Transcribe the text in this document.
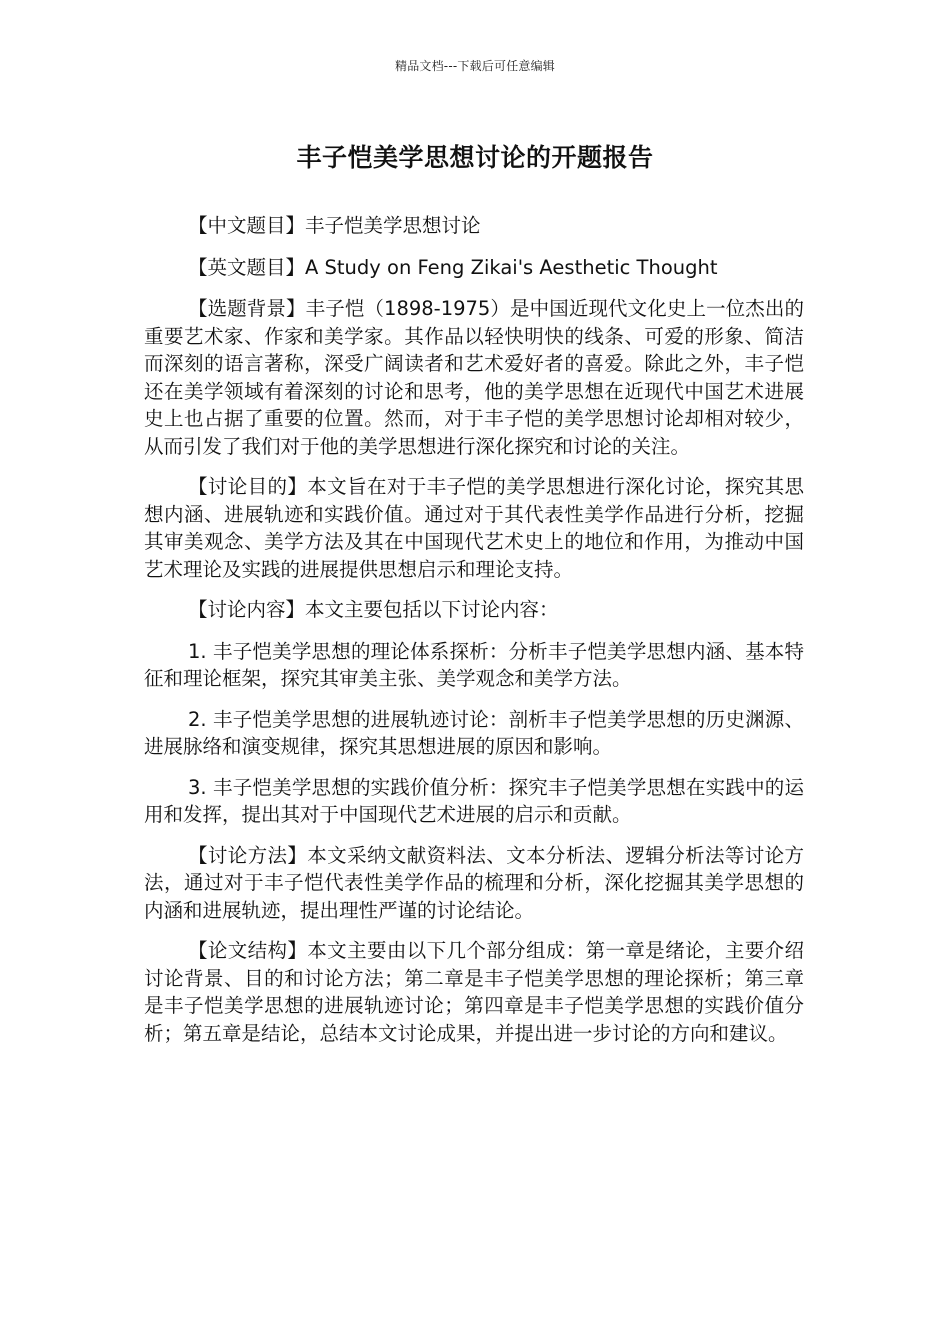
精品文档---下载后可任意编辑
丰子恺美学思想讨论的开题报告

【中文题目】丰子恺美学思想讨论

【英文题目】A Study on Feng Zikai's Aesthetic Thought

【选题背景】丰子恺（1898-1975）是中国近现代文化史上一位杰出的重要艺术家、作家和美学家。其作品以轻快明快的线条、可爱的形象、简洁而深刻的语言著称，深受广阔读者和艺术爱好者的喜爱。除此之外，丰子恺还在美学领域有着深刻的讨论和思考，他的美学思想在近现代中国艺术进展史上也占据了重要的位置。然而，对于丰子恺的美学思想讨论却相对较少，从而引发了我们对于他的美学思想进行深化探究和讨论的关注。

【讨论目的】本文旨在对于丰子恺的美学思想进行深化讨论，探究其思想内涵、进展轨迹和实践价值。通过对于其代表性美学作品进行分析，挖掘其审美观念、美学方法及其在中国现代艺术史上的地位和作用，为推动中国艺术理论及实践的进展提供思想启示和理论支持。

【讨论内容】本文主要包括以下讨论内容：

1. 丰子恺美学思想的理论体系探析：分析丰子恺美学思想内涵、基本特征和理论框架，探究其审美主张、美学观念和美学方法。

2. 丰子恺美学思想的进展轨迹讨论：剖析丰子恺美学思想的历史渊源、进展脉络和演变规律，探究其思想进展的原因和影响。

3. 丰子恺美学思想的实践价值分析：探究丰子恺美学思想在实践中的运用和发挥，提出其对于中国现代艺术进展的启示和贡献。

【讨论方法】本文采纳文献资料法、文本分析法、逻辑分析法等讨论方法，通过对于丰子恺代表性美学作品的梳理和分析，深化挖掘其美学思想的内涵和进展轨迹，提出理性严谨的讨论结论。

【论文结构】本文主要由以下几个部分组成：第一章是绪论，主要介绍讨论背景、目的和讨论方法；第二章是丰子恺美学思想的理论探析；第三章是丰子恺美学思想的进展轨迹讨论；第四章是丰子恺美学思想的实践价值分析；第五章是结论，总结本文讨论成果，并提出进一步讨论的方向和建议。
